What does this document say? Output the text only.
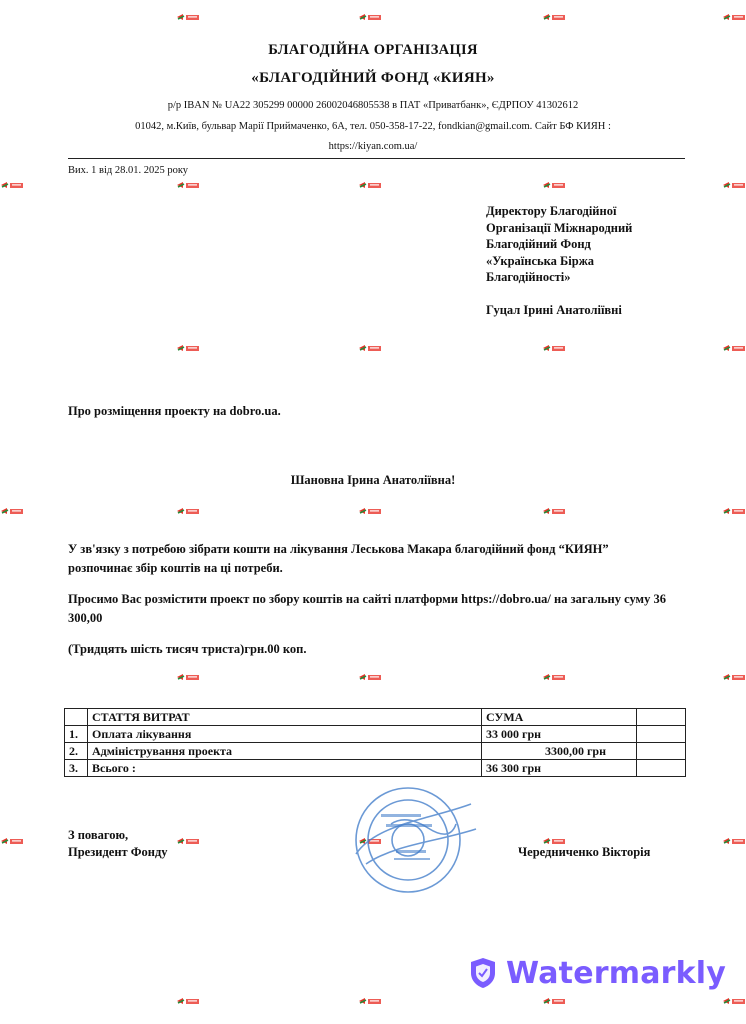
БЛАГОДІЙНА ОРГАНІЗАЦІЯ
«БЛАГОДІЙНИЙ ФОНД «КИЯН»
р/р IBAN № UA22 305299 00000 26002046805538 в ПАТ «Приватбанк», ЄДРПОУ 41302612
01042, м.Київ, бульвар Марії Приймаченко, 6А, тел. 050-358-17-22, fondkian@gmail.com. Сайт БФ КИЯН :
https://kiyan.com.ua/
Вих. 1 від 28.01. 2025 року
Директору Благодійної
Організації Міжнародний
Благодійний Фонд
«Українська Біржа
Благодійності»
Гуцал Ірині Анатоліївні
Про розміщення проекту на dobro.ua.
Шановна Ірина Анатоліївна!
У зв'язку з потребою зібрати кошти на лікування Леськова Макара благодійний фонд “КИЯН” розпочинає збір коштів на ці потреби.
Просимо Вас розмістити проект по збору коштів на сайті платформи https://dobro.ua/ на загальну суму 36 300,00
(Тридцять шість тисяч триста)грн.00 коп.
	СТАТТЯ ВИТРАТ	СУМА	
1.	Оплата лікування	33 000 грн	
2.	Адміністрування проекта	3300,00 грн	
3.	Всього :	36 300 грн	
З повагою,
Президент Фонду	Чередниченко Вікторія
Watermarkly
